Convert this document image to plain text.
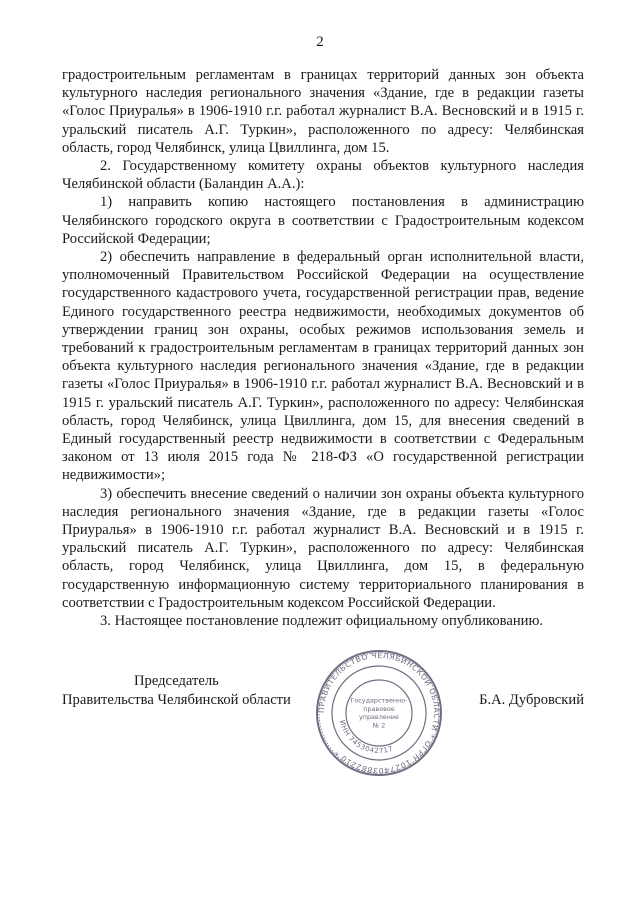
2

градостроительным регламентам в границах территорий данных зон объекта культурного наследия регионального значения «Здание, где в редакции газеты «Голос Приуралья» в 1906-1910 г.г. работал журналист В.А. Весновский и в 1915 г. уральский писатель А.Г. Туркин», расположенного по адресу: Челябинская область, город Челябинск, улица Цвиллинга, дом 15.

2. Государственному комитету охраны объектов культурного наследия Челябинской области (Баландин А.А.):

1) направить копию настоящего постановления в администрацию Челябинского городского округа в соответствии с Градостроительным кодексом Российской Федерации;

2) обеспечить направление в федеральный орган исполнительной власти, уполномоченный Правительством Российской Федерации на осуществление государственного кадастрового учета, государственной регистрации прав, ведение Единого государственного реестра недвижимости, необходимых документов об утверждении границ зон охраны, особых режимов использования земель и требований к градостроительным регламентам в границах территорий данных зон объекта культурного наследия регионального значения «Здание, где в редакции газеты «Голос Приуралья» в 1906-1910 г.г. работал журналист В.А. Весновский и в 1915 г. уральский писатель А.Г. Туркин», расположенного по адресу: Челябинская область, город Челябинск, улица Цвиллинга, дом 15, для внесения сведений в Единый государственный реестр недвижимости в соответствии с Федеральным законом от 13 июля 2015 года № 218-ФЗ «О государственной регистрации недвижимости»;

3) обеспечить внесение сведений о наличии зон охраны объекта культурного наследия регионального значения «Здание, где в редакции газеты «Голос Приуралья» в 1906-1910 г.г. работал журналист В.А. Весновский и в 1915 г. уральский писатель А.Г. Туркин», расположенного по адресу: Челябинская область, город Челябинск, улица Цвиллинга, дом 15, в федеральную государственную информационную систему территориального планирования в соответствии с Градостроительным кодексом Российской Федерации.

3. Настоящее постановление подлежит официальному опубликованию.

Председатель
Правительства Челябинской области	Б.А. Дубровский
ПРАВИТЕЛЬСТВО ЧЕЛЯБИНСКОЙ ОБЛАСТИ * ОГРН 1027403882210 *
ИНН 7453042717
Государственно-
правовое
управление
№ 2
